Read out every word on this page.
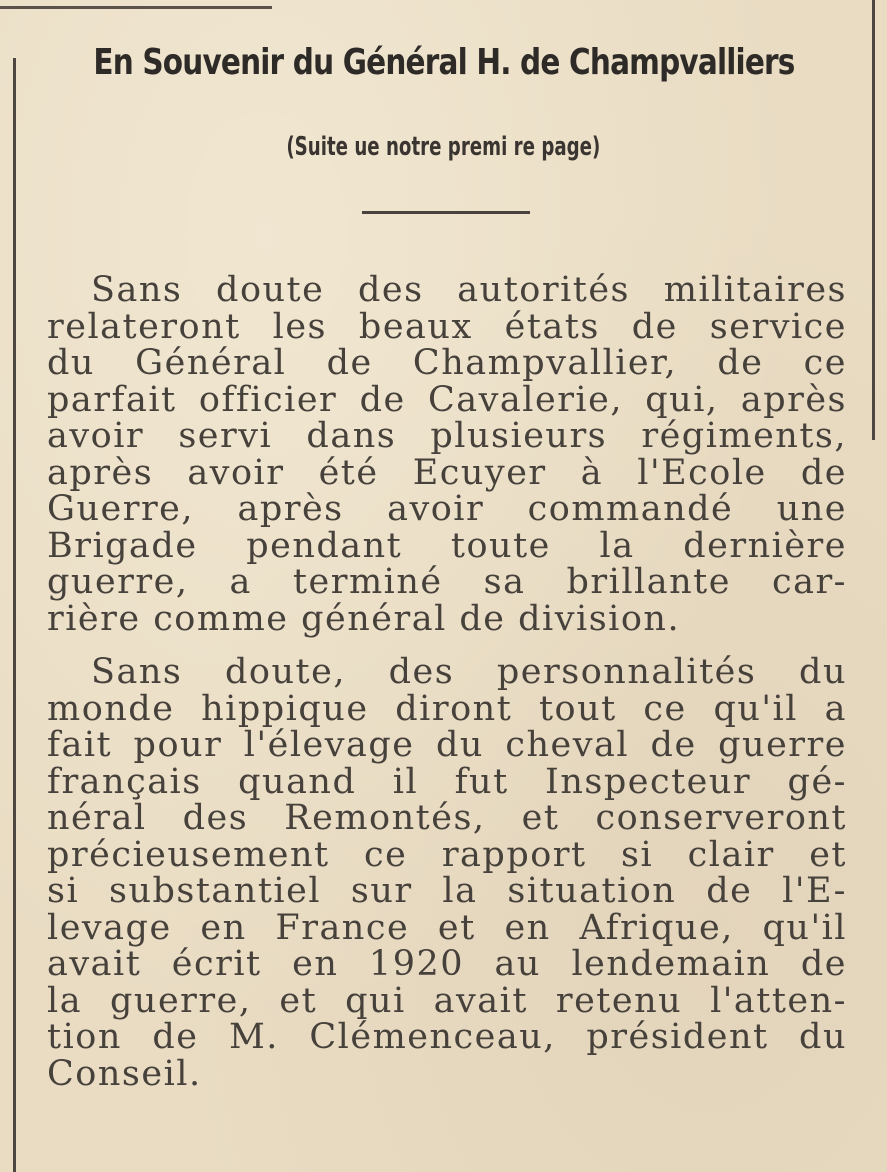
En Souvenir du Général H. de Champvalliers
(Suite ue notre premi re page)

Sans doute des autorités militaires
relateront les beaux états de service
du Général de Champvallier, de ce
parfait officier de Cavalerie, qui, après
avoir servi dans plusieurs régiments,
après avoir été Ecuyer à l'Ecole de
Guerre, après avoir commandé une
Brigade pendant toute la dernière
guerre, a terminé sa brillante car-
rière comme général de division.

Sans doute, des personnalités du
monde hippique diront tout ce qu'il a
fait pour l'élevage du cheval de guerre
français quand il fut Inspecteur gé-
néral des Remontés, et conserveront
précieusement ce rapport si clair et
si substantiel sur la situation de l'E-
levage en France et en Afrique, qu'il
avait écrit en 1920 au lendemain de
la guerre, et qui avait retenu l'atten-
tion de M. Clémenceau, président du
Conseil.
